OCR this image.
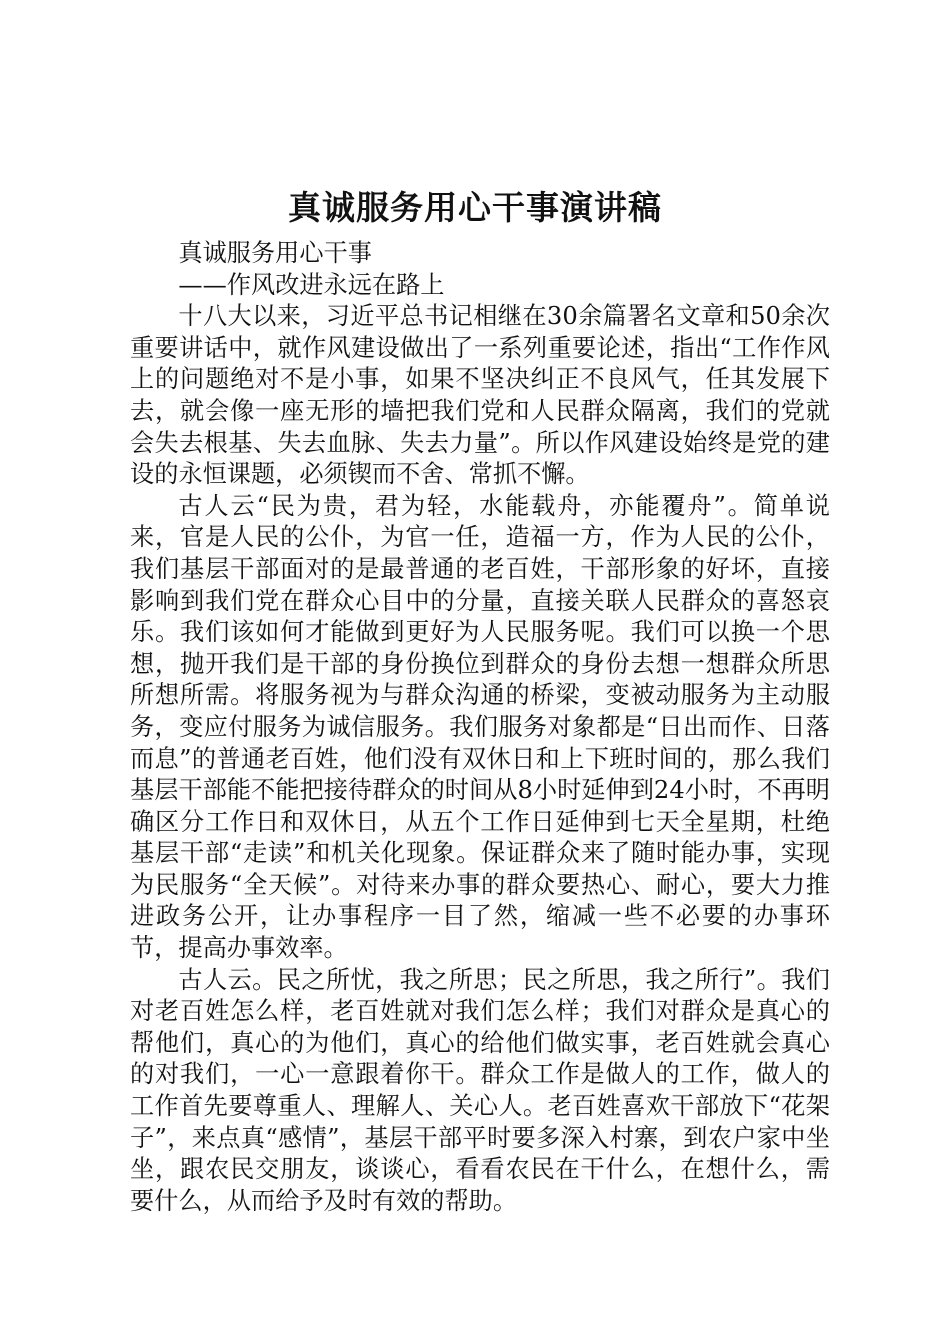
真诚服务用心干事演讲稿

真诚服务用心干事

——作风改进永远在路上

十八大以来，习近平总书记相继在30余篇署名文章和50余次重要讲话中，就作风建设做出了一系列重要论述，指出“工作作风上的问题绝对不是小事，如果不坚决纠正不良风气，任其发展下去，就会像一座无形的墙把我们党和人民群众隔离，我们的党就会失去根基、失去血脉、失去力量”。所以作风建设始终是党的建设的永恒课题，必须锲而不舍、常抓不懈。

古人云“民为贵，君为轻，水能载舟，亦能覆舟”。简单说来，官是人民的公仆，为官一任，造福一方，作为人民的公仆，我们基层干部面对的是最普通的老百姓，干部形象的好坏，直接影响到我们党在群众心目中的分量，直接关联人民群众的喜怒哀乐。我们该如何才能做到更好为人民服务呢。我们可以换一个思想，抛开我们是干部的身份换位到群众的身份去想一想群众所思所想所需。将服务视为与群众沟通的桥梁，变被动服务为主动服务，变应付服务为诚信服务。我们服务对象都是“日出而作、日落而息”的普通老百姓，他们没有双休日和上下班时间的，那么我们基层干部能不能把接待群众的时间从8小时延伸到24小时，不再明确区分工作日和双休日，从五个工作日延伸到七天全星期，杜绝基层干部“走读”和机关化现象。保证群众来了随时能办事，实现为民服务“全天候”。对待来办事的群众要热心、耐心，要大力推进政务公开，让办事程序一目了然，缩减一些不必要的办事环节，提高办事效率。

古人云。民之所忧，我之所思；民之所思，我之所行”。我们对老百姓怎么样，老百姓就对我们怎么样；我们对群众是真心的帮他们，真心的为他们，真心的给他们做实事，老百姓就会真心的对我们，一心一意跟着你干。群众工作是做人的工作，做人的工作首先要尊重人、理解人、关心人。老百姓喜欢干部放下“花架子”，来点真“感情”，基层干部平时要多深入村寨，到农户家中坐坐，跟农民交朋友，谈谈心，看看农民在干什么，在想什么，需要什么，从而给予及时有效的帮助。
